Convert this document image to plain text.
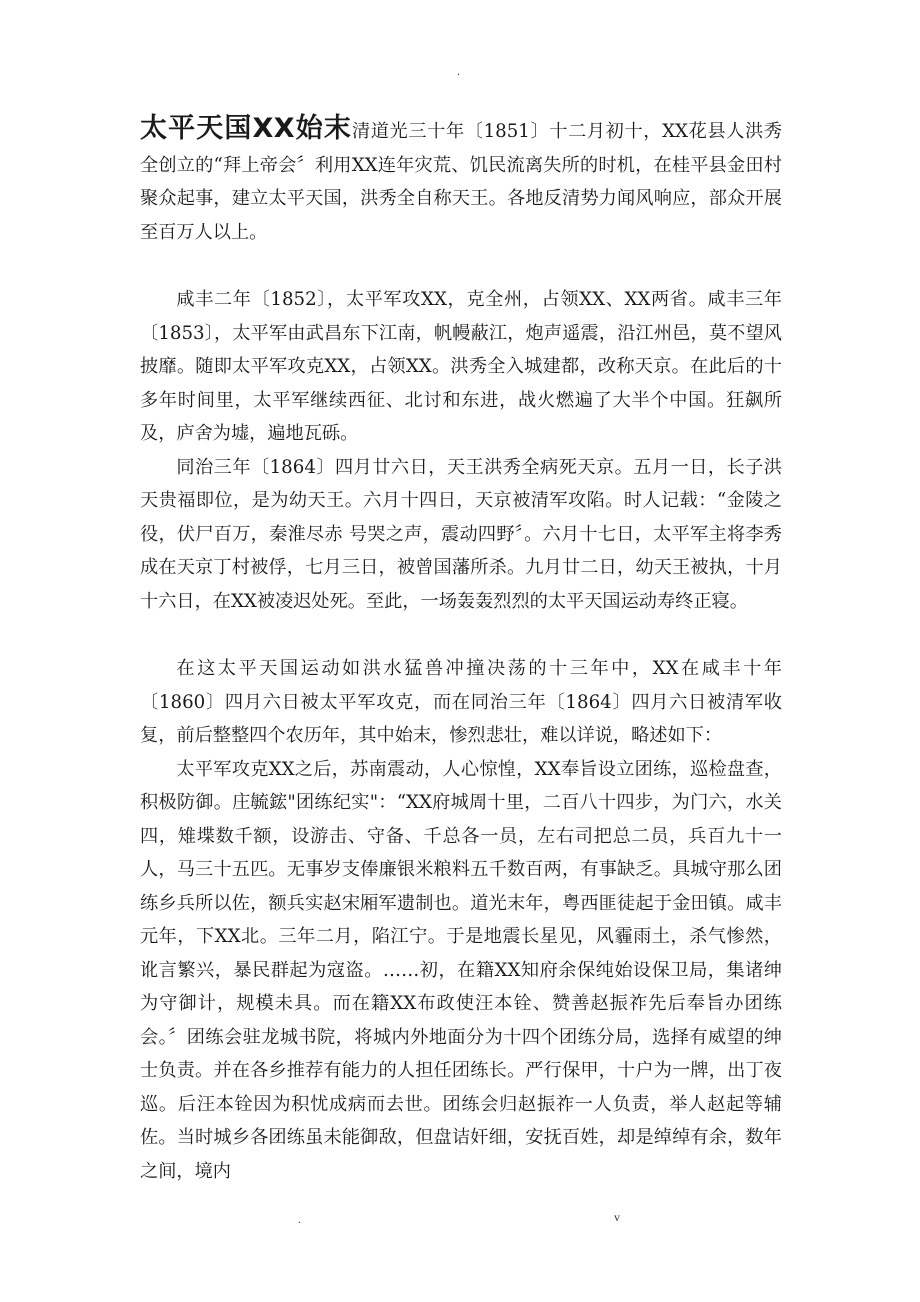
.

太平天国XX始末清道光三十年〔1851〕十二月初十，XX花县人洪秀全创立的“拜上帝会〞利用XX连年灾荒、饥民流离失所的时机，在桂平县金田村聚众起事，建立太平天国，洪秀全自称天王。各地反清势力闻风响应，部众开展至百万人以上。

咸丰二年〔1852〕，太平军攻XX，克全州，占领XX、XX两省。咸丰三年〔1853〕，太平军由武昌东下江南，帆幔蔽江，炮声遥震，沿江州邑，莫不望风披靡。随即太平军攻克XX，占领XX。洪秀全入城建都，改称天京。在此后的十多年时间里，太平军继续西征、北讨和东进，战火燃遍了大半个中国。狂飙所及，庐舍为墟，遍地瓦砾。

同治三年〔1864〕四月廿六日，天王洪秀全病死天京。五月一日，长子洪天贵福即位，是为幼天王。六月十四日，天京被清军攻陷。时人记载：“金陵之役，伏尸百万，秦淮尽赤 号哭之声，震动四野〞。六月十七日，太平军主将李秀成在天京丁村被俘，七月三日，被曾国藩所杀。九月廿二日，幼天王被执，十月十六日，在XX被凌迟处死。至此，一场轰轰烈烈的太平天国运动寿终正寝。

在这太平天国运动如洪水猛兽冲撞决荡的十三年中，XX在咸丰十年〔1860〕四月六日被太平军攻克，而在同治三年〔1864〕四月六日被清军收复，前后整整四个农历年，其中始末，惨烈悲壮，难以详说，略述如下：

太平军攻克XX之后，苏南震动，人心惊惶，XX奉旨设立团练，巡检盘查，积极防御。庄毓鋐"团练纪实"：“XX府城周十里，二百八十四步，为门六，水关四，雉堞数千额，设游击、守备、千总各一员，左右司把总二员，兵百九十一人，马三十五匹。无事岁支俸廉银米粮料五千数百两，有事缺乏。具城守那么团练乡兵所以佐，额兵实赵宋厢军遗制也。道光末年，粤西匪徒起于金田镇。咸丰元年，下XX北。三年二月，陷江宁。于是地震长星见，风霾雨土，杀气惨然，讹言繁兴，暴民群起为寇盗。……初，在籍XX知府余保纯始设保卫局，集诸绅为守御计，规模未具。而在籍XX布政使汪本铨、赞善赵振祚先后奉旨办团练会。〞团练会驻龙城书院，将城内外地面分为十四个团练分局，选择有威望的绅士负责。并在各乡推荐有能力的人担任团练长。严行保甲，十户为一牌，出丁夜巡。后汪本铨因为积忧成病而去世。团练会归赵振祚一人负责，举人赵起等辅佐。当时城乡各团练虽未能御敌，但盘诘奸细，安抚百姓，却是绰绰有余，数年之间，境内

.	v
